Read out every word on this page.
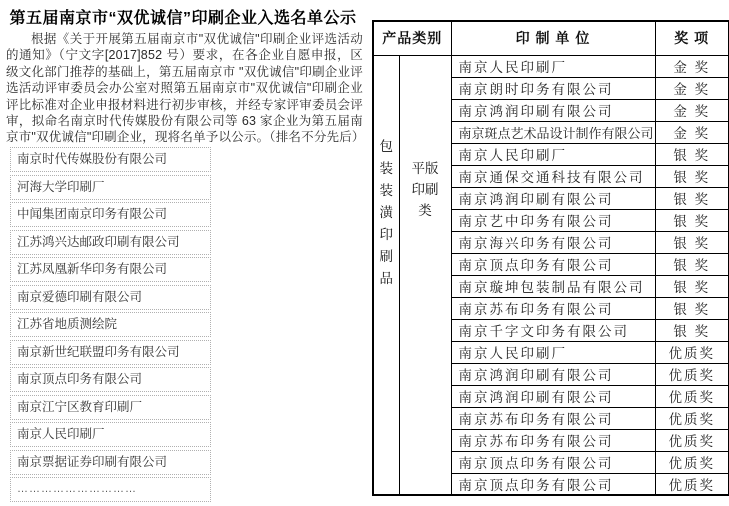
第五届南京市“双优诚信”印刷企业入选名单公示
根据《关于开展第五届南京市"双优诚信"印刷企业评选活动的通知》（宁文字[2017]852 号）要求，在各企业自愿申报，区级文化部门推荐的基础上，第五届南京市 "双优诚信"印刷企业评选活动评审委员会办公室对照第五届南京市"双优诚信"印刷企业评比标准对企业申报材料进行初步审核，并经专家评审委员会评审，拟命名南京时代传媒股份有限公司等 63 家企业为第五届南京市"双优诚信"印刷企业，现将名单予以公示。（排名不分先后）
南京时代传媒股份有限公司
河海大学印刷厂
中闻集团南京印务有限公司
江苏鸿兴达邮政印刷有限公司
江苏凤凰新华印务有限公司
南京爱德印刷有限公司
江苏省地质测绘院
南京新世纪联盟印务有限公司
南京顶点印务有限公司
南京江宁区教育印刷厂
南京人民印刷厂
南京票据证券印刷有限公司
…………………………
产品类别		印 制 单 位	奖 项

包装装潢印刷品	平版印刷类	南京人民印刷厂	金 奖
		南京朗时印务有限公司	金 奖
		南京鸿润印刷有限公司	金 奖
		南京斑点艺术品设计制作有限公司	金 奖
		南京人民印刷厂	银 奖
		南京通保交通科技有限公司	银 奖
		南京鸿润印刷有限公司	银 奖
		南京艺中印务有限公司	银 奖
		南京海兴印务有限公司	银 奖
		南京顶点印务有限公司	银 奖
		南京璇坤包装制品有限公司	银 奖
		南京苏布印务有限公司	银 奖
		南京千字文印务有限公司	银 奖
		南京人民印刷厂	优质奖
		南京鸿润印刷有限公司	优质奖
		南京鸿润印刷有限公司	优质奖
		南京苏布印务有限公司	优质奖
		南京苏布印务有限公司	优质奖
		南京顶点印务有限公司	优质奖
		南京顶点印务有限公司	优质奖
